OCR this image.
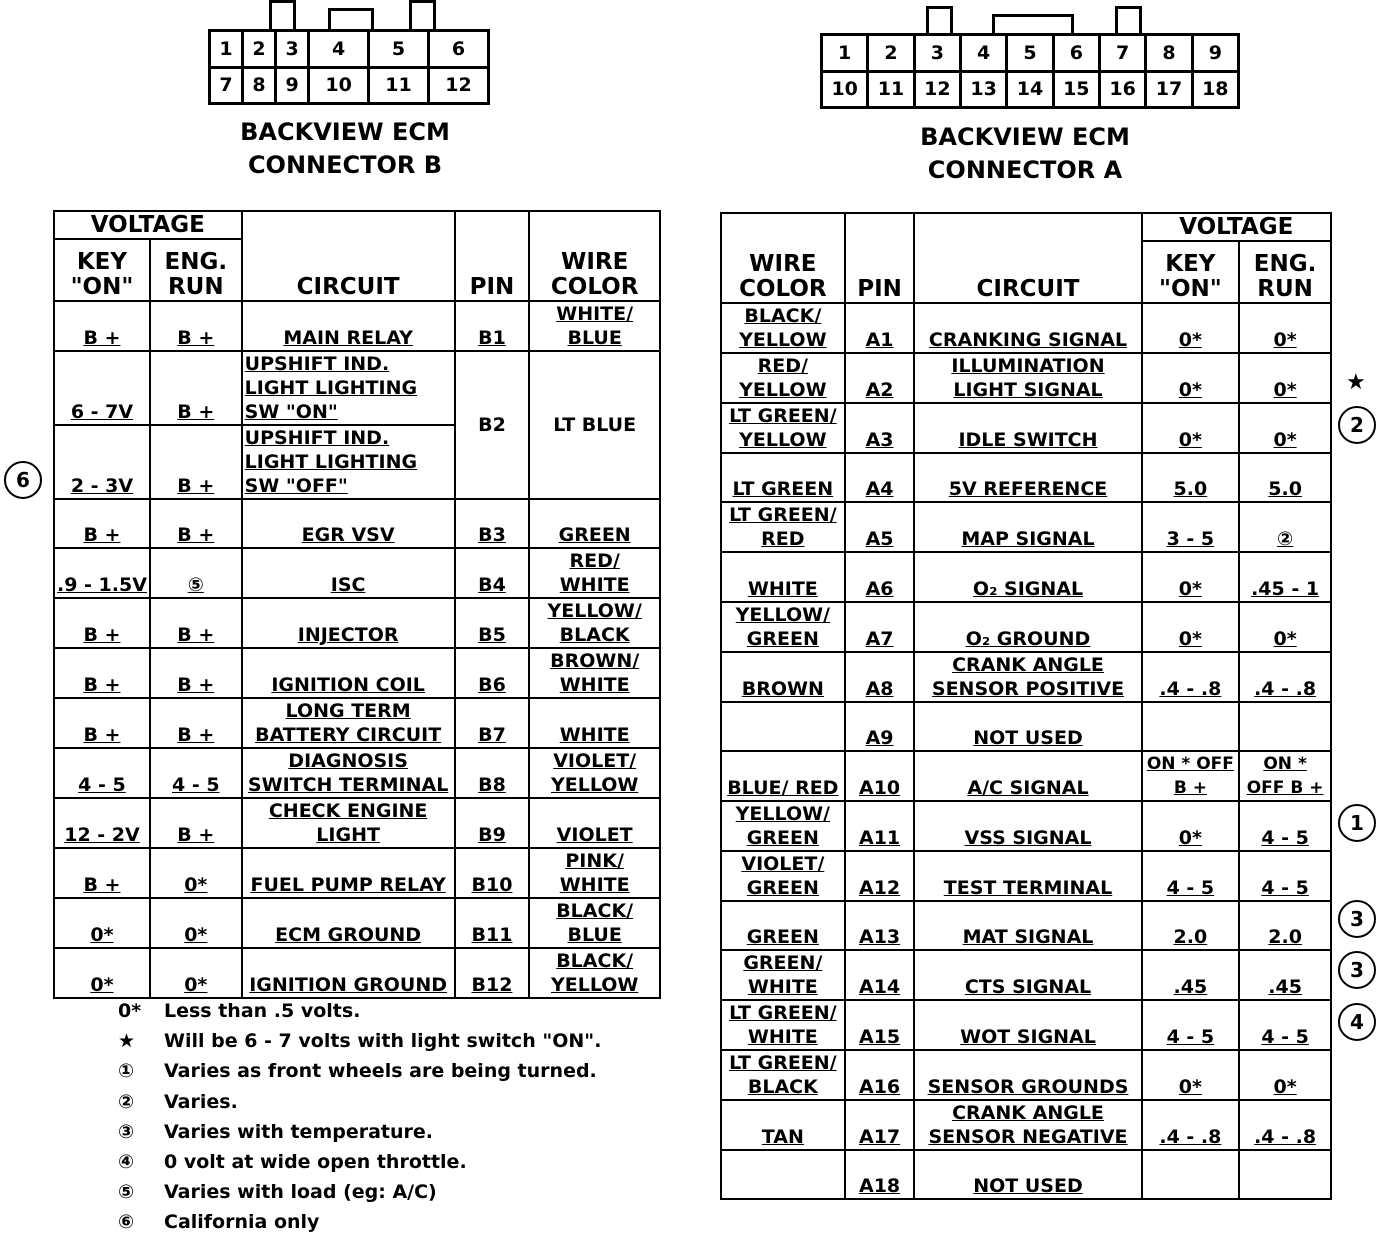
1	2	3	4	5	6
7	8	9	10	11	12
BACKVIEW ECM
CONNECTOR B
1	2	3	4	5	6	7	8	9
10	11	12	13	14	15	16	17	18
BACKVIEW ECM
CONNECTOR A
VOLTAGE		CIRCUIT	PIN	WIRE COLOR
KEY "ON"	ENG. RUN			
B +	B +	MAIN RELAY	B1	WHITE/ BLUE
6 - 7V	B +	UPSHIFT IND. LIGHT LIGHTING SW "ON"	B2	LT BLUE
2 - 3V	B +	UPSHIFT IND. LIGHT LIGHTING SW "OFF"		
B +	B +	EGR VSV	B3	GREEN
.9 - 1.5V	⑤	ISC	B4	RED/ WHITE
B +	B +	INJECTOR	B5	YELLOW/ BLACK
B +	B +	IGNITION COIL	B6	BROWN/ WHITE
B +	B +	LONG TERM BATTERY CIRCUIT	B7	WHITE
4 - 5	4 - 5	DIAGNOSIS SWITCH TERMINAL	B8	VIOLET/ YELLOW
12 - 2V	B +	CHECK ENGINE LIGHT	B9	VIOLET
B +	0*	FUEL PUMP RELAY	B10	PINK/ WHITE
0*	0*	ECM GROUND	B11	BLACK/ BLUE
0*	0*	IGNITION GROUND	B12	BLACK/ YELLOW
WIRE COLOR	PIN	CIRCUIT	VOLTAGE	
			KEY "ON"	ENG. RUN
BLACK/ YELLOW	A1	CRANKING SIGNAL	0*	0*
RED/ YELLOW	A2	ILLUMINATION LIGHT SIGNAL	0*	0*
LT GREEN/ YELLOW	A3	IDLE SWITCH	0*	0*
LT GREEN	A4	5V REFERENCE	5.0	5.0
LT GREEN/ RED	A5	MAP SIGNAL	3 - 5	②
WHITE	A6	O₂ SIGNAL	0*	.45 - 1
YELLOW/ GREEN	A7	O₂ GROUND	0*	0*
BROWN	A8	CRANK ANGLE SENSOR POSITIVE	.4 - .8	.4 - .8
	A9	NOT USED		
BLUE/ RED	A10	A/C SIGNAL	ON * OFF B +	ON * OFF B +
YELLOW/ GREEN	A11	VSS SIGNAL	0*	4 - 5
VIOLET/ GREEN	A12	TEST TERMINAL	4 - 5	4 - 5
GREEN	A13	MAT SIGNAL	2.0	2.0
GREEN/ WHITE	A14	CTS SIGNAL	.45	.45
LT GREEN/ WHITE	A15	WOT SIGNAL	4 - 5	4 - 5
LT GREEN/ BLACK	A16	SENSOR GROUNDS	0*	0*
TAN	A17	CRANK ANGLE SENSOR NEGATIVE	.4 - .8	.4 - .8
	A18	NOT USED		
6
★
2
1
3
3
4
0*	Less than .5 volts.
★	Will be 6 - 7 volts with light switch "ON".
①	Varies as front wheels are being turned.
②	Varies.
③	Varies with temperature.
④	0 volt at wide open throttle.
⑤	Varies with load (eg: A/C)
⑥	California only
